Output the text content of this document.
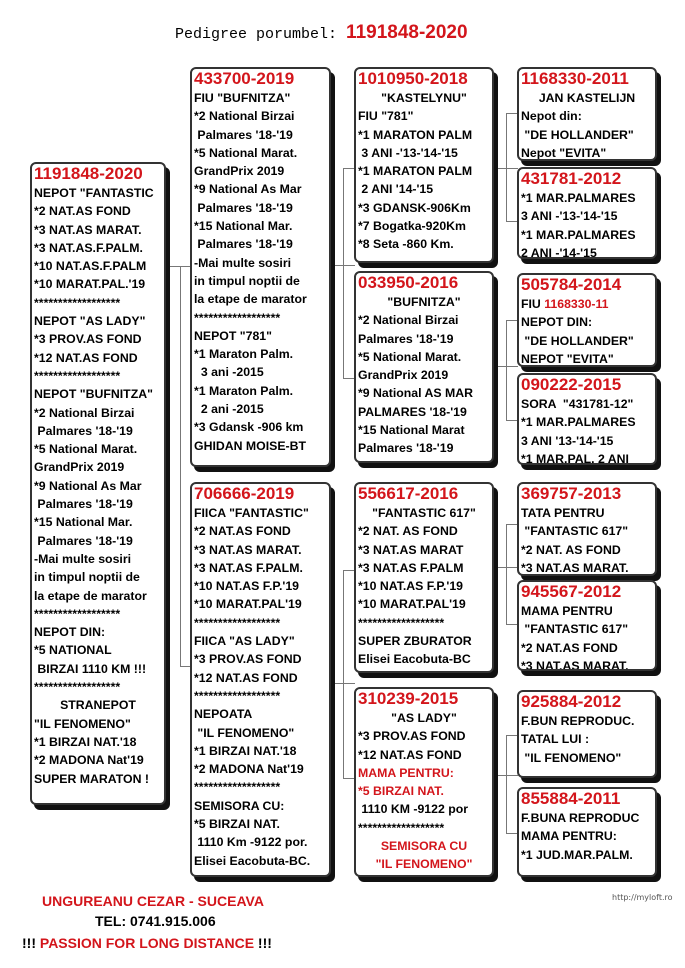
Pedigree porumbel: 1191848-2020
1191848-2020
NEPOT "FANTASTIC
*2 NAT.AS FOND
*3 NAT.AS MARAT.
*3 NAT.AS.F.PALM.
*10 NAT.AS.F.PALM
*10 MARAT.PAL.'19
******************
NEPOT "AS LADY"
*3 PROV.AS FOND
*12 NAT.AS FOND
******************
NEPOT "BUFNITZA"
*2 National Birzai
Palmares '18-'19
*5 National Marat.
GrandPrix 2019
*9 National As Mar
Palmares '18-'19
*15 National Mar.
Palmares '18-'19
-Mai multe sosiri
in timpul noptii de
la etape de marator
******************
NEPOT DIN:
*5 NATIONAL
BIRZAI 1110 KM !!!
******************
STRANEPOT
"IL FENOMENO"
*1 BIRZAI NAT.'18
*2 MADONA Nat'19
SUPER MARATON !
433700-2019
FIU "BUFNITZA"
*2 National Birzai
Palmares '18-'19
*5 National Marat.
GrandPrix 2019
*9 National As Mar
Palmares '18-'19
*15 National Mar.
Palmares '18-'19
-Mai multe sosiri
in timpul noptii de
la etape de marator
******************
NEPOT "781"
*1 Maraton Palm.
3 ani -2015
*1 Maraton Palm.
2 ani -2015
*3 Gdansk -906 km
GHIDAN MOISE-BT
706666-2019
FIICA "FANTASTIC"
*2 NAT.AS FOND
*3 NAT.AS MARAT.
*3 NAT.AS F.PALM.
*10 NAT.AS F.P.'19
*10 MARAT.PAL'19
******************
FIICA "AS LADY"
*3 PROV.AS FOND
*12 NAT.AS FOND
******************
NEPOATA
"IL FENOMENO"
*1 BIRZAI NAT.'18
*2 MADONA Nat'19
******************
SEMISORA CU:
*5 BIRZAI NAT.
1110 Km -9122 por.
Elisei Eacobuta-BC.
1010950-2018
"KASTELYNU"
FIU "781"
*1 MARATON PALM
3 ANI -'13-'14-'15
*1 MARATON PALM
2 ANI '14-'15
*3 GDANSK-906Km
*7 Bogatka-920Km
*8 Seta -860 Km.
033950-2016
"BUFNITZA"
*2 National Birzai
Palmares '18-'19
*5 National Marat.
GrandPrix 2019
*9 National AS MAR
PALMARES '18-'19
*15 National Marat
Palmares '18-'19
556617-2016
"FANTASTIC 617"
*2 NAT. AS FOND
*3 NAT.AS MARAT
*3 NAT.AS F.PALM
*10 NAT.AS F.P.'19
*10 MARAT.PAL'19
******************
SUPER ZBURATOR
Elisei Eacobuta-BC
310239-2015
"AS LADY"
*3 PROV.AS FOND
*12 NAT.AS FOND
MAMA PENTRU:
*5 BIRZAI NAT.
1110 KM -9122 por
******************
SEMISORA CU
"IL FENOMENO"
1168330-2011
JAN KASTELIJN
Nepot din:
"DE HOLLANDER"
Nepot "EVITA"
431781-2012
*1 MAR.PALMARES
3 ANI -'13-'14-'15
*1 MAR.PALMARES
2 ANI -'14-'15
505784-2014
FIU 1168330-11
NEPOT DIN:
"DE HOLLANDER"
NEPOT "EVITA"
090222-2015
SORA  "431781-12"
*1 MAR.PALMARES
3 ANI '13-'14-'15
*1 MAR.PAL. 2 ANI
369757-2013
TATA PENTRU
"FANTASTIC 617"
*2 NAT. AS FOND
*3 NAT.AS MARAT.
945567-2012
MAMA PENTRU
"FANTASTIC 617"
*2 NAT.AS FOND
*3 NAT.AS MARAT.
925884-2012
F.BUN REPRODUC.
TATAL LUI :
"IL FENOMENO"
855884-2011
F.BUNA REPRODUC
MAMA PENTRU:
*1 JUD.MAR.PALM.
UNGUREANU CEZAR - SUCEAVA
TEL: 0741.915.006
!!! PASSION FOR LONG DISTANCE !!!
http://myloft.ro
